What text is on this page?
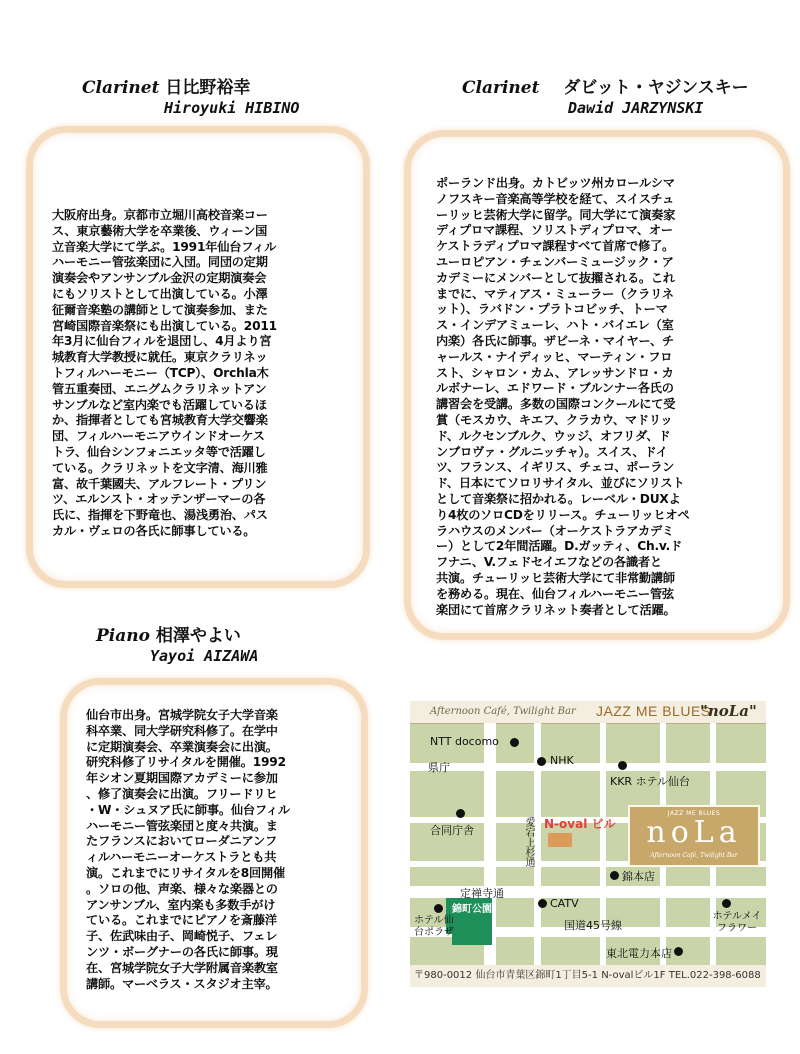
Clarinet 日比野裕幸
Hiroyuki HIBINO
Clarinet ダビット・ヤジンスキー
Dawid JARZYNSKI
大阪府出身。京都市立堀川高校音楽コー
ス、東京藝術大学を卒業後、ウィーン国
立音楽大学にて学ぶ。1991年仙台フィル
ハーモニー管弦楽団に入団。同団の定期
演奏会やアンサンブル金沢の定期演奏会
にもソリストとして出演している。小澤
征爾音楽塾の講師として演奏参加、また
宮崎国際音楽祭にも出演している。2011
年3月に仙台フィルを退団し、4月より宮
城教育大学教授に就任。東京クラリネッ
トフィルハーモニー（TCP）、Orchla木
管五重奏団、エニグムクラリネットアン
サンブルなど室内楽でも活躍しているほ
か、指揮者としても宮城教育大学交響楽
団、フィルハーモニアウインドオーケス
トラ、仙台シンフォニエッタ等で活躍し
ている。クラリネットを文字清、海川雅
富、故千葉國夫、アルフレート・プリン
ツ、エルンスト・オッテンザーマーの各
氏に、指揮を下野竜也、湯浅勇治、パス
カル・ヴェロの各氏に師事している。
ポーランド出身。カトビッツ州カロールシマ
ノフスキー音楽高等学校を経て、スイスチュ
ーリッヒ芸術大学に留学。同大学にて演奏家
ディプロマ課程、ソリストディプロマ、オー
ケストラディプロマ課程すべて首席で修了。
ユーロピアン・チェンバーミュージック・ア
カデミーにメンバーとして抜擢される。これ
までに、マティアス・ミューラー（クラリネ
ット）、ラバドン・プラトコビッチ、トーマ
ス・インデアミューレ、ハト・バイエレ（室
内楽）各氏に師事。ザビーネ・マイヤー、チ
ャールス・ナイディッヒ、マーティン・フロ
スト、シャロン・カム、アレッサンドロ・カ
ルボナーレ、エドワード・ブルンナー各氏の
講習会を受講。多数の国際コンクールにて受
賞（モスカウ、キエフ、クラカウ、マドリッ
ド、ルクセンブルク、ウッジ、オフリダ、ド
ンブロヴァ・グルニッチャ）。スイス、ドイ
ツ、フランス、イギリス、チェコ、ポーラン
ド、日本にてソロリサイタル、並びにソリスト
として音楽祭に招かれる。レーベル・DUXよ
り4枚のソロCDをリリース。チューリッヒオペ
ラハウスのメンバー（オーケストラアカデミ
ー）として2年間活躍。D.ガッティ、Ch.v.ド
フナニ、V.フェドセイエフなどの各識者と
共演。チューリッヒ芸術大学にて非常勤講師
を務める。現在、仙台フィルハーモニー管弦
楽団にて首席クラリネット奏者として活躍。
Piano 相澤やよい
Yayoi AIZAWA
仙台市出身。宮城学院女子大学音楽
科卒業、同大学研究科修了。在学中
に定期演奏会、卒業演奏会に出演。
研究科修了リサイタルを開催。1992
年シオン夏期国際アカデミーに参加
、修了演奏会に出演。フリードリヒ
・W・シュヌア氏に師事。仙台フィル
ハーモニー管弦楽団と度々共演。ま
たフランスにおいてローダニアンフ
ィルハーモニーオーケストラとも共
演。これまでにリサイタルを8回開催
。ソロの他、声楽、様々な楽器との
アンサンブル、室内楽も多数手がけ
ている。これまでにピアノを斎藤洋
子、佐武味由子、岡崎悦子、フェレ
ンツ・ボーグナーの各氏に師事。現
在、宮城学院女子大学附属音楽教室
講師。マーベラス・スタジオ主宰。
Afternoon Café, Twilight Bar JAZZ ME BLUES
"noLa"
錦町公園
NTT docomo
NHK
県庁
KKR ホテル仙台
合同庁舎	N-oval ビル
愛宕上杉通
錦本店
定禅寺通
CATV
ホテル仙台ポラザ
国道45号線
ホテルメイフラワー
東北電力本店
JAZZ ME BLUES
noLa
Afternoon Café, Twilight Bar
〒980-0012 仙台市青葉区錦町1丁目5-1 N-ovalビル1F TEL.022-398-6088
